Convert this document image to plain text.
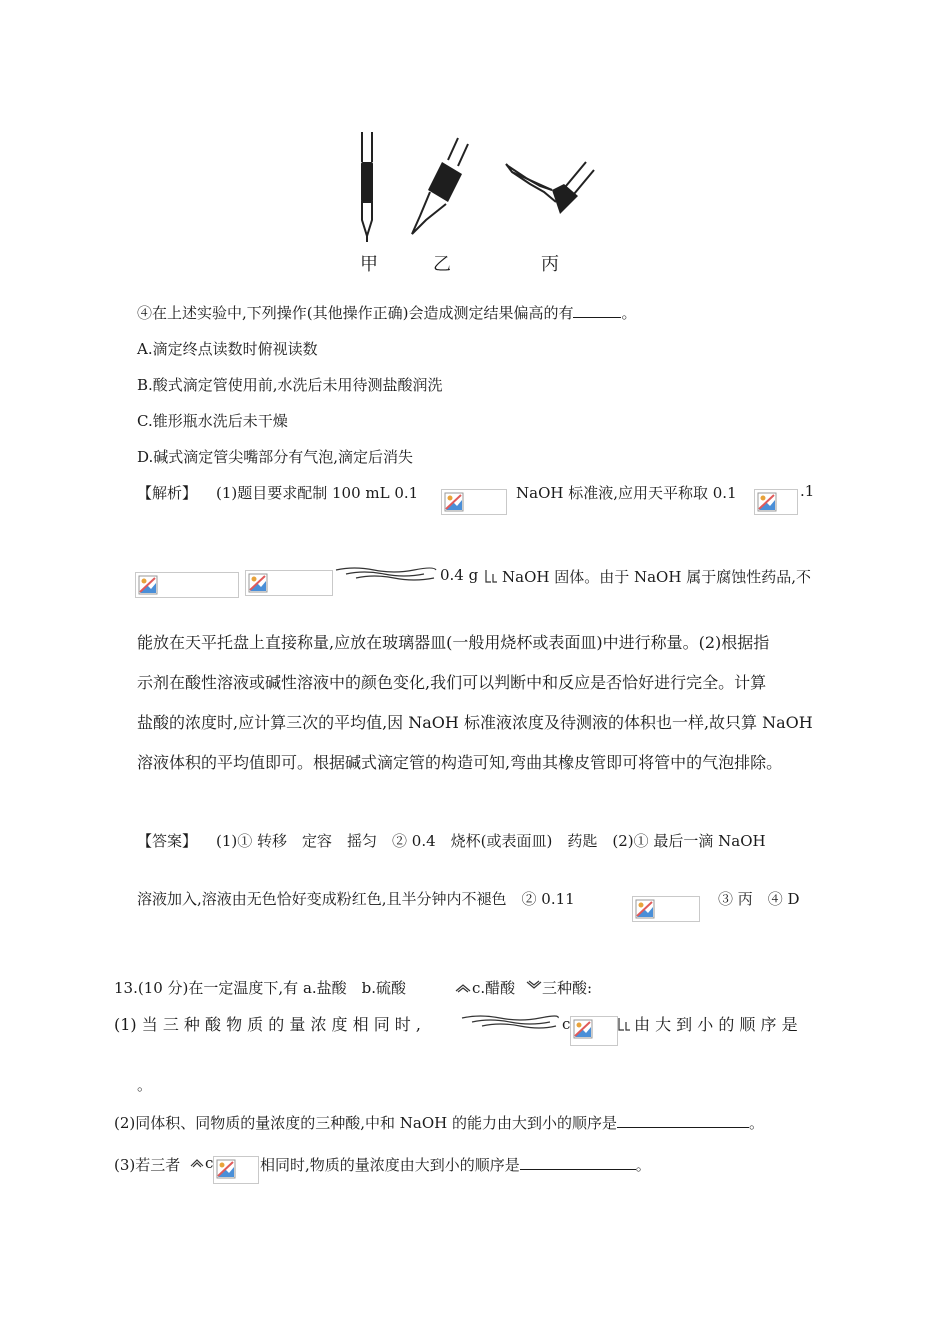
甲	乙	丙
④在上述实验中,下列操作(其他操作正确)会造成测定结果偏高的有	。
A.滴定终点读数时俯视读数
B.酸式滴定管使用前,水洗后未用待测盐酸润洗
C.锥形瓶水洗后未干燥
D.碱式滴定管尖嘴部分有气泡,滴定后消失
【解析】 (1)题目要求配制 100 mL 0.1	NaOH 标准液,应用天平称取 0.1	.1
0.4 g NaOH 固体。由于 NaOH 属于腐蚀性药品,不
能放在天平托盘上直接称量,应放在玻璃器皿(一般用烧杯或表面皿)中进行称量。(2)根据指
示剂在酸性溶液或碱性溶液中的颜色变化,我们可以判断中和反应是否恰好进行完全。计算
盐酸的浓度时,应计算三次的平均值,因 NaOH 标准液浓度及待测液的体积也一样,故只算 NaOH
溶液体积的平均值即可。根据碱式滴定管的构造可知,弯曲其橡皮管即可将管中的气泡排除。
【答案】 (1)① 转移　定容　摇匀　② 0.4　烧杯(或表面皿)　药匙　(2)① 最后一滴 NaOH
溶液加入,溶液由无色恰好变成粉红色,且半分钟内不褪色　② 0.11	③ 丙　④ D
13.(10 分)在一定温度下,有 a.盐酸　b.硫酸　	c.醋酸 三种酸:
(1) 当 三 种 酸 物 质 的 量 浓 度 相 同 时 ,	c	由 大 到 小 的 顺 序 是
。
(2)同体积、同物质的量浓度的三种酸,中和 NaOH 的能力由大到小的顺序是	。
(3)若三者 c	相同时,物质的量浓度由大到小的顺序是	。
